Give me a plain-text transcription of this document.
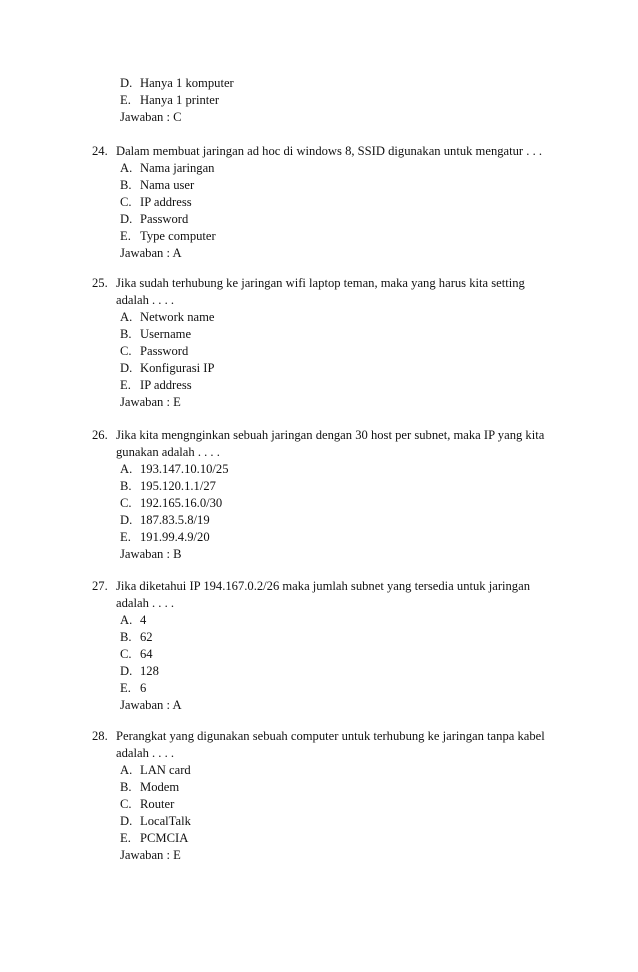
D. Hanya 1 komputer
E. Hanya 1 printer
Jawaban : C
24. Dalam membuat jaringan ad hoc di windows 8, SSID digunakan untuk mengatur . . .
A. Nama jaringan
B. Nama user
C. IP address
D. Password
E. Type computer
Jawaban : A
25. Jika sudah terhubung ke jaringan wifi laptop teman, maka yang harus kita setting
adalah . . . .
A. Network name
B. Username
C. Password
D. Konfigurasi IP
E. IP address
Jawaban : E
26. Jika kita mengnginkan sebuah jaringan dengan 30 host per subnet, maka IP yang kita
gunakan adalah . . . .
A. 193.147.10.10/25
B. 195.120.1.1/27
C. 192.165.16.0/30
D. 187.83.5.8/19
E. 191.99.4.9/20
Jawaban : B
27. Jika diketahui IP 194.167.0.2/26 maka jumlah subnet yang tersedia untuk jaringan
adalah . . . .
A. 4
B. 62
C. 64
D. 128
E. 6
Jawaban : A
28. Perangkat yang digunakan sebuah computer untuk terhubung ke jaringan tanpa kabel
adalah . . . .
A. LAN card
B. Modem
C. Router
D. LocalTalk
E. PCMCIA
Jawaban : E
